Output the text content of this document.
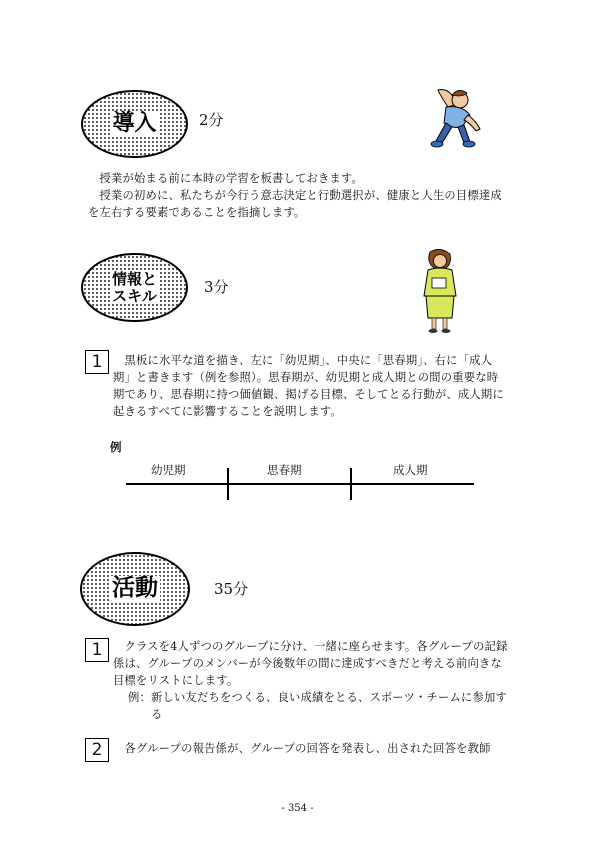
導入	2分

　授業が始まる前に本時の学習を板書しておきます。

　授業の初めに、私たちが今行う意志決定と行動選択が、健康と人生の目標達成を左右する要素であることを指摘します。

情報と
スキル	3分
1 　黒板に水平な道を描き、左に「幼児期」、中央に「思春期」、右に「成人期」と書きます（例を参照）。思春期が、幼児期と成人期との間の重要な時期であり、思春期に持つ価値観、掲げる目標、そしてとる行動が、成人期に起きるすべてに影響することを説明します。
例
幼児期	思春期	成人期
活動	35分
1 　クラスを4人ずつのグループに分け、一緒に座らせます。各グループの記録係は、グループのメンバーが今後数年の間に達成すべきだと考える前向きな目標をリストにします。
例： 新しい友だちをつくる、良い成績をとる、スポーツ・チームに参加する
2 　各グループの報告係が、グループの回答を発表し、出された回答を教師
- 354 -
